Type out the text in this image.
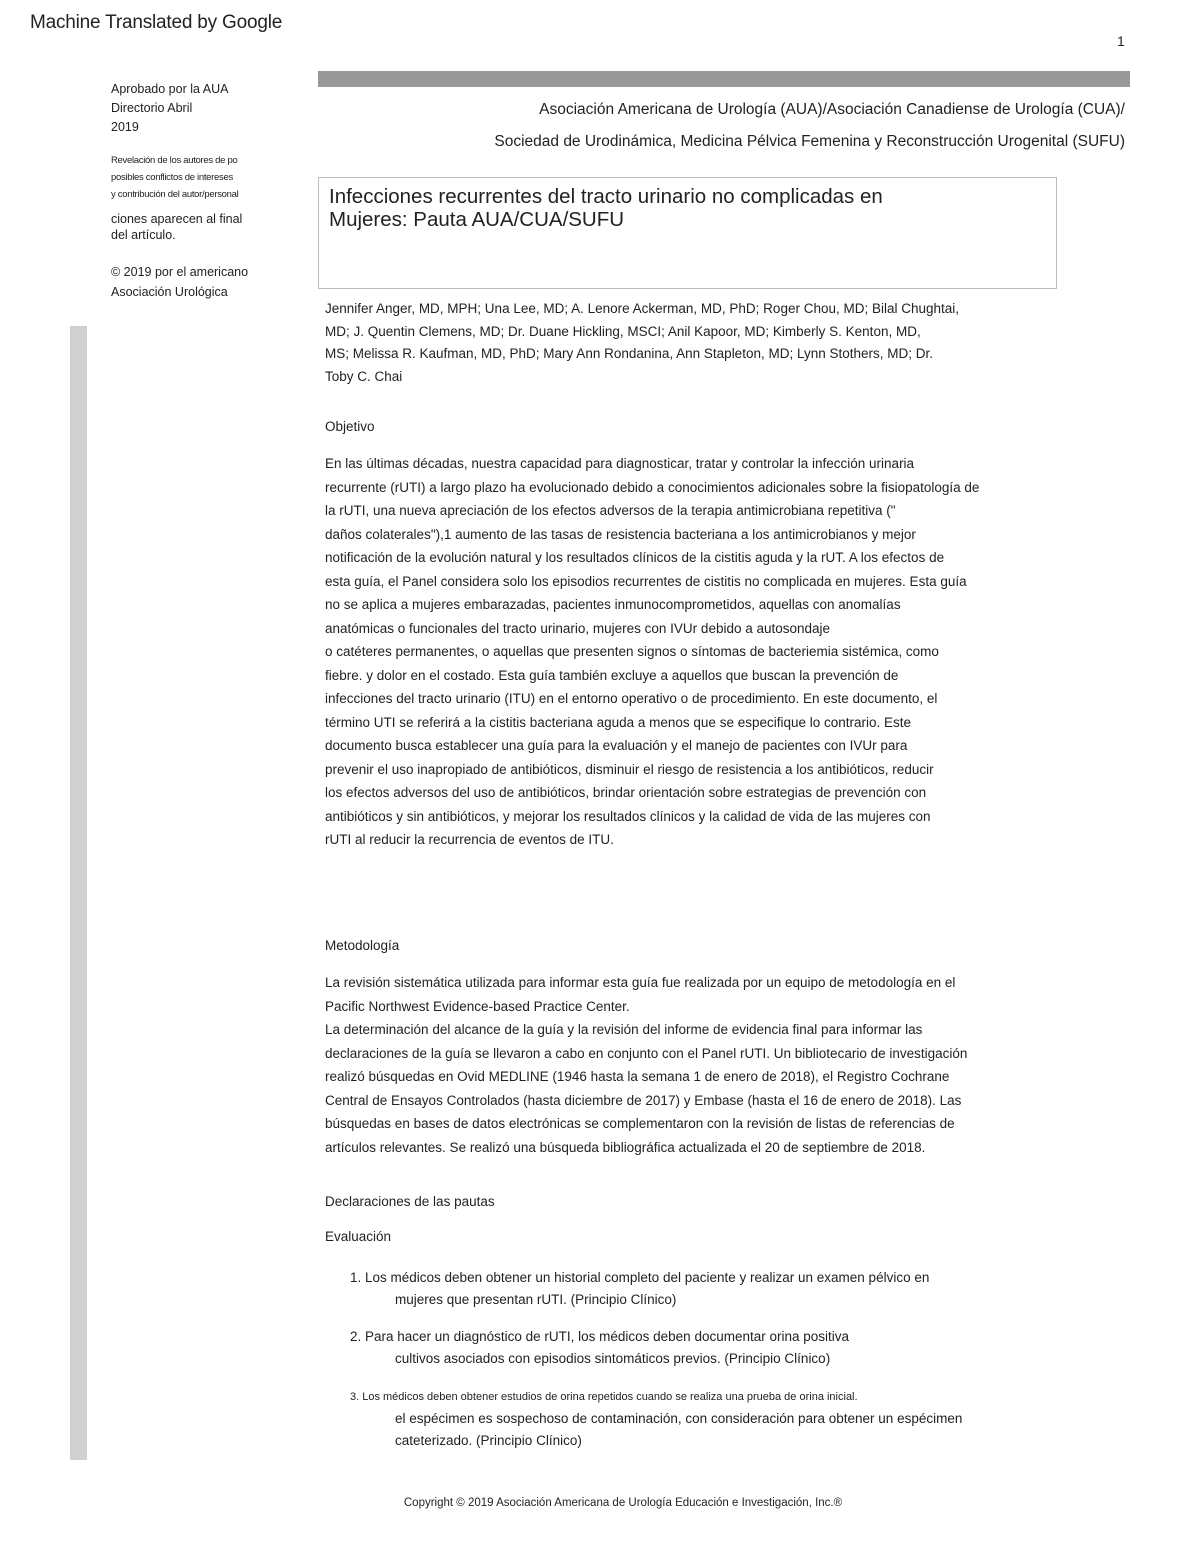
Machine Translated by Google
1
Aprobado por la AUA
Directorio Abril
2019
Revelación de los autores de po
posibles conflictos de intereses
y contribución del autor/personal
ciones aparecen al final
del artículo.
© 2019 por el americano
Asociación Urológica
Asociación Americana de Urología (AUA)/Asociación Canadiense de Urología (CUA)/
Sociedad de Urodinámica, Medicina Pélvica Femenina y Reconstrucción Urogenital (SUFU)
Infecciones recurrentes del tracto urinario no complicadas en
Mujeres: Pauta AUA/CUA/SUFU
Jennifer Anger, MD, MPH; Una Lee, MD; A. Lenore Ackerman, MD, PhD; Roger Chou, MD; Bilal Chughtai,
MD; J. Quentin Clemens, MD; Dr. Duane Hickling, MSCI; Anil Kapoor, MD; Kimberly S. Kenton, MD,
MS; Melissa R. Kaufman, MD, PhD; Mary Ann Rondanina, Ann Stapleton, MD; Lynn Stothers, MD; Dr.
Toby C. Chai
Objetivo
En las últimas décadas, nuestra capacidad para diagnosticar, tratar y controlar la infección urinaria
recurrente (rUTI) a largo plazo ha evolucionado debido a conocimientos adicionales sobre la fisiopatología de
la rUTI, una nueva apreciación de los efectos adversos de la terapia antimicrobiana repetitiva ("
daños colaterales"),1 aumento de las tasas de resistencia bacteriana a los antimicrobianos y mejor
notificación de la evolución natural y los resultados clínicos de la cistitis aguda y la rUT. A los efectos de
esta guía, el Panel considera solo los episodios recurrentes de cistitis no complicada en mujeres. Esta guía
no se aplica a mujeres embarazadas, pacientes inmunocomprometidos, aquellas con anomalías
anatómicas o funcionales del tracto urinario, mujeres con IVUr debido a autosondaje
o catéteres permanentes, o aquellas que presenten signos o síntomas de bacteriemia sistémica, como
fiebre. y dolor en el costado. Esta guía también excluye a aquellos que buscan la prevención de
infecciones del tracto urinario (ITU) en el entorno operativo o de procedimiento. En este documento, el
término UTI se referirá a la cistitis bacteriana aguda a menos que se especifique lo contrario. Este
documento busca establecer una guía para la evaluación y el manejo de pacientes con IVUr para
prevenir el uso inapropiado de antibióticos, disminuir el riesgo de resistencia a los antibióticos, reducir
los efectos adversos del uso de antibióticos, brindar orientación sobre estrategias de prevención con
antibióticos y sin antibióticos, y mejorar los resultados clínicos y la calidad de vida de las mujeres con
rUTI al reducir la recurrencia de eventos de ITU.
Metodología
La revisión sistemática utilizada para informar esta guía fue realizada por un equipo de metodología en el
Pacific Northwest Evidence-based Practice Center.
La determinación del alcance de la guía y la revisión del informe de evidencia final para informar las
declaraciones de la guía se llevaron a cabo en conjunto con el Panel rUTI. Un bibliotecario de investigación
realizó búsquedas en Ovid MEDLINE (1946 hasta la semana 1 de enero de 2018), el Registro Cochrane
Central de Ensayos Controlados (hasta diciembre de 2017) y Embase (hasta el 16 de enero de 2018). Las
búsquedas en bases de datos electrónicas se complementaron con la revisión de listas de referencias de
artículos relevantes. Se realizó una búsqueda bibliográfica actualizada el 20 de septiembre de 2018.
Declaraciones de las pautas
Evaluación
1. Los médicos deben obtener un historial completo del paciente y realizar un examen pélvico en
mujeres que presentan rUTI. (Principio Clínico)
2. Para hacer un diagnóstico de rUTI, los médicos deben documentar orina positiva
cultivos asociados con episodios sintomáticos previos. (Principio Clínico)
3. Los médicos deben obtener estudios de orina repetidos cuando se realiza una prueba de orina inicial.
el espécimen es sospechoso de contaminación, con consideración para obtener un espécimen
cateterizado. (Principio Clínico)
Copyright © 2019 Asociación Americana de Urología Educación e Investigación, Inc.®
